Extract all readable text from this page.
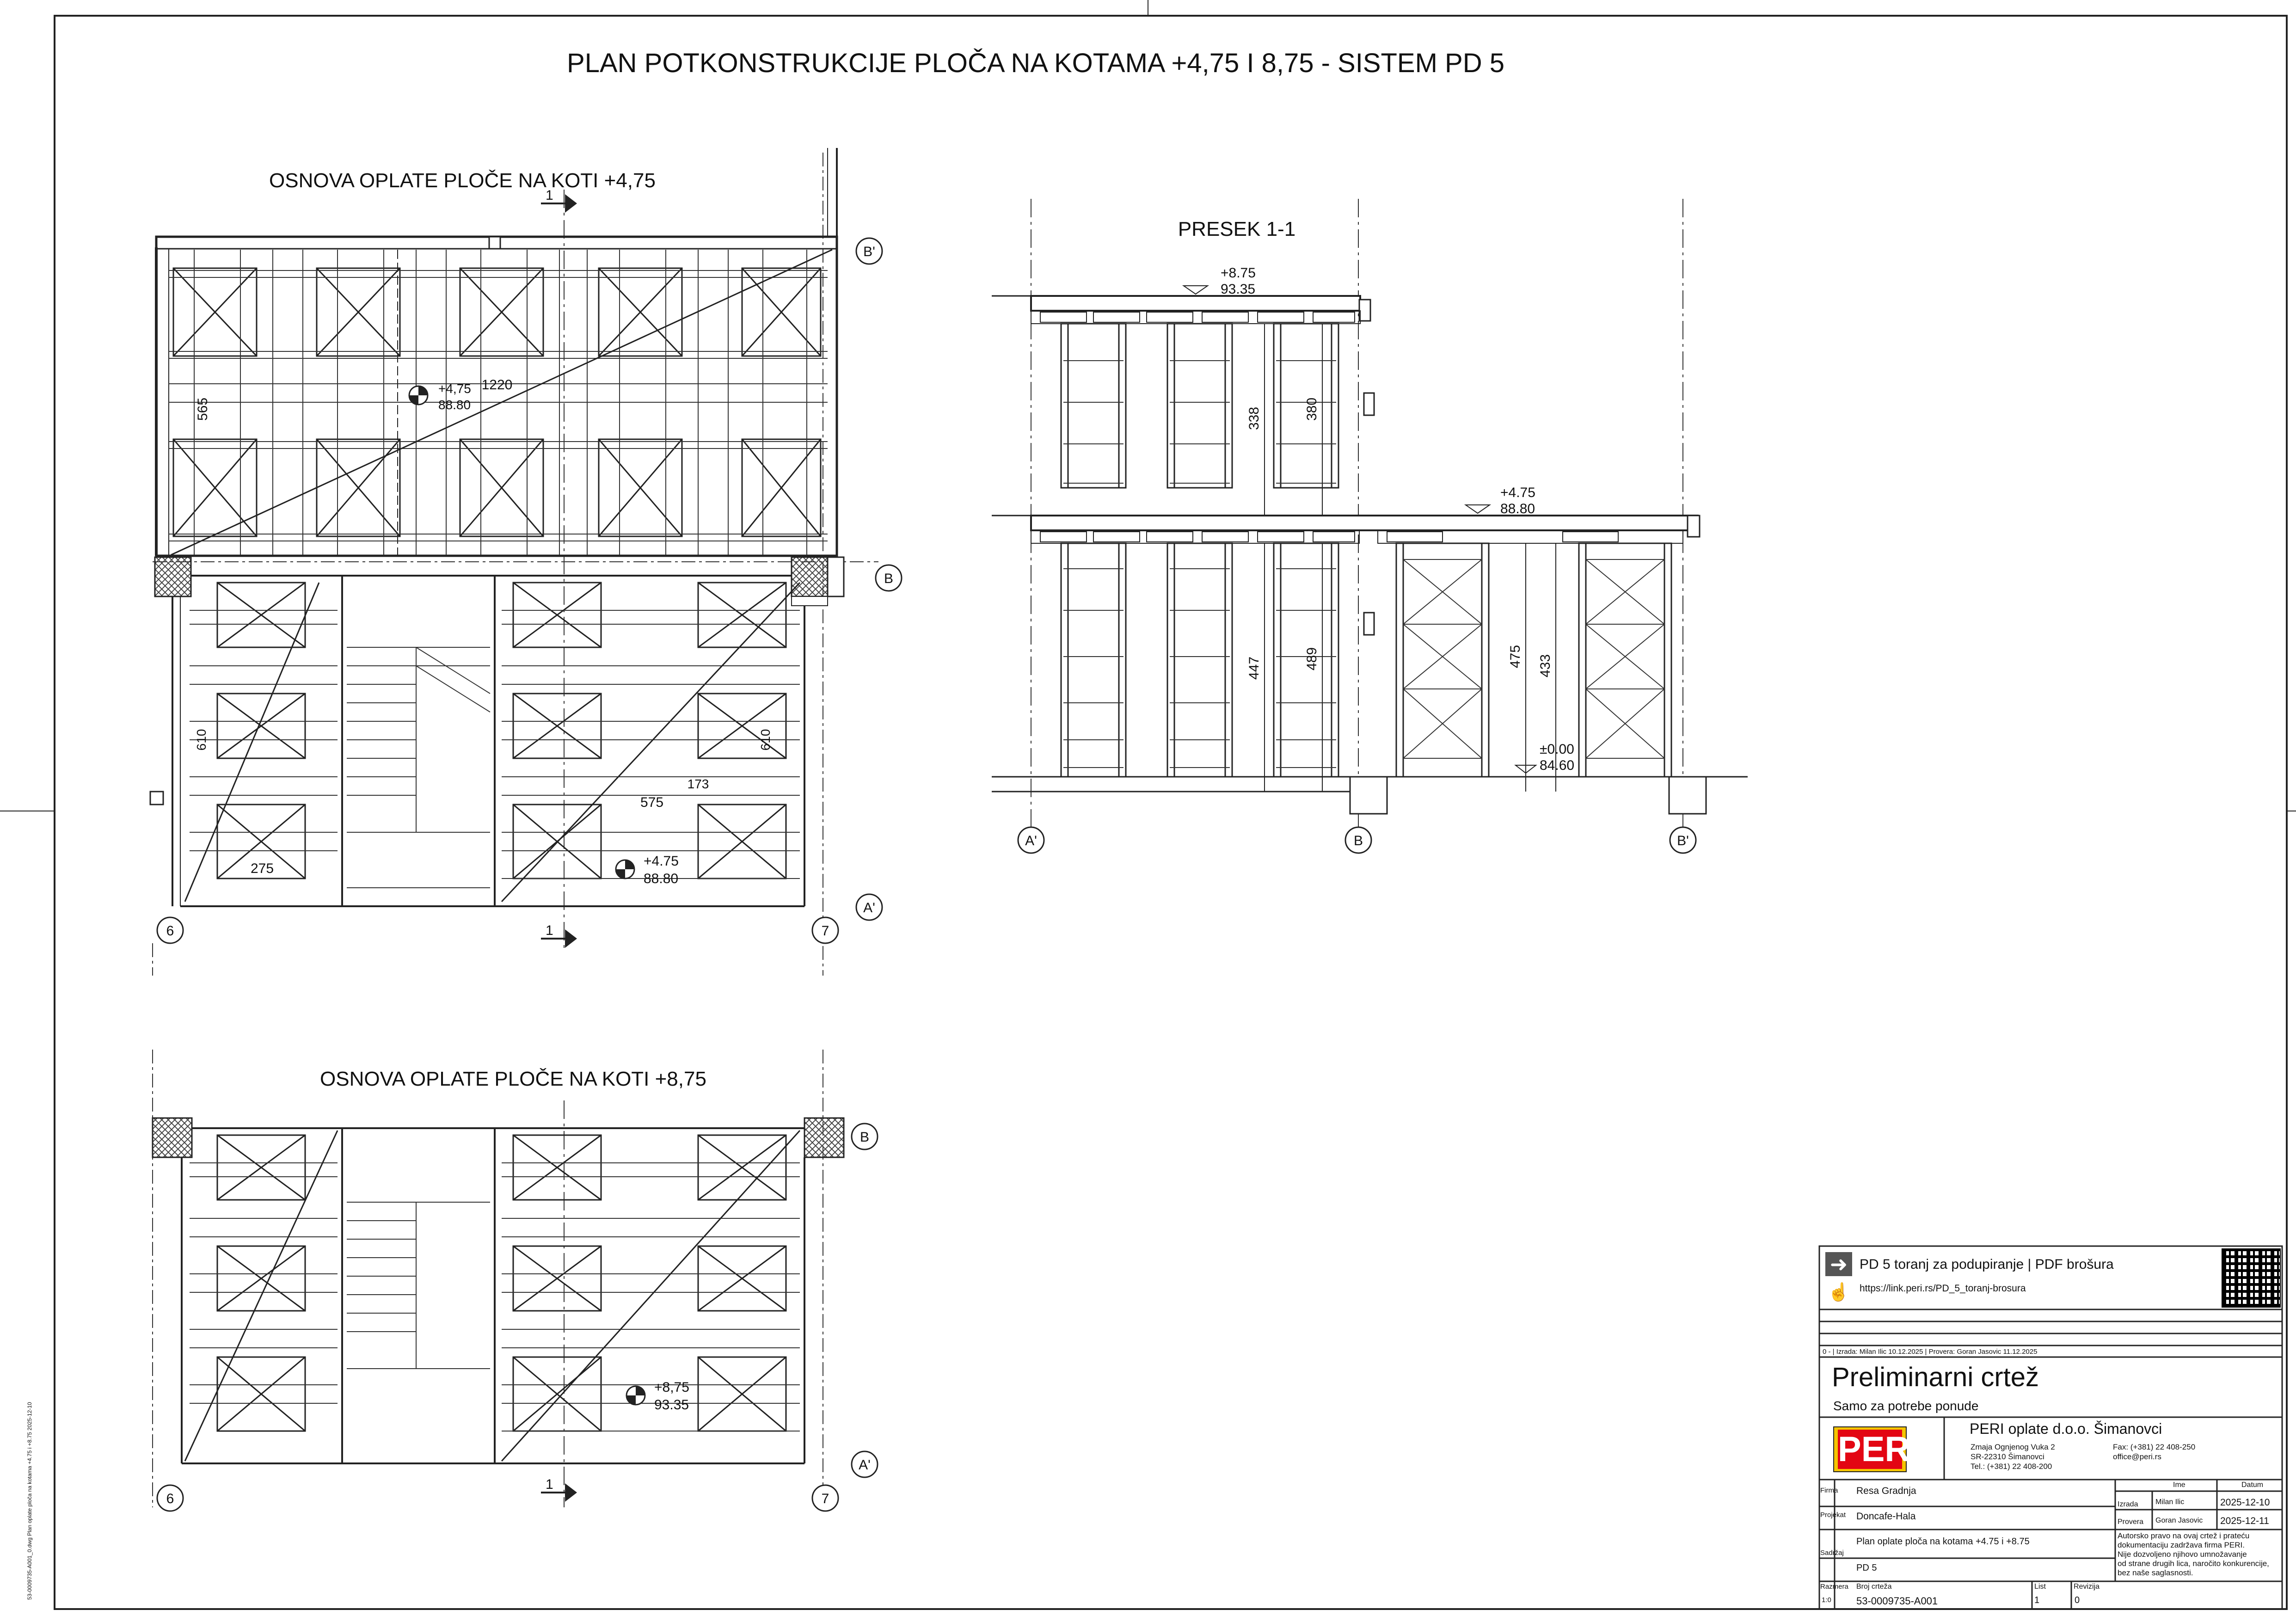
PLAN POTKONSTRUKCIJE PLOČA NA KOTAMA +4,75 I 8,75 - SISTEM PD 5
OSNOVA OPLATE PLOČE NA KOTI +4,75
1
565
1220
+4,75
88.80
610	610
575
173
275	+4.75
88.80
B'
B
A'
6	7
1
PRESEK 1-1
+8.75
93.35
338	380
+4.75
88.80
447	489	475 433
±0.00
84.60
A'	B	B'
OSNOVA OPLATE PLOČE NA KOTI +8,75
+8,75
93.35
B
A'
6	7
1
53-0009735-A001_0.dwg Plan oplate ploča na kotama +4.75 i +8.75 2025-12-10
➜ PD 5 toranj za podupiranje | PDF brošura
☝ https://link.peri.rs/PD_5_toranj-brosura
0 - | Izrada: Milan Ilic 10.12.2025 | Provera: Goran Jasovic 11.12.2025
Preliminarni crtež
Samo za potrebe ponude
PERI
PERI oplate d.o.o. Šimanovci
Zmaja Ognjenog Vuka 2
SR-22310 Šimanovci
Tel.: (+381) 22 408-200
Fax: (+381) 22 408-250
office@peri.rs
Firma Resa Gradnja
Projekat Doncafe-Hala
Sadržaj
Plan oplate ploča na kotama +4.75 i +8.75
PD 5
Ime	Datum
Izrada Milan Ilic	2025-12-10
Provera Goran Jasovic 2025-12-11
Autorsko pravo na ovaj crtež i prateću
dokumentaciju zadržava firma PERI.
Nije dozvoljeno njihovo umnožavanje
od strane drugih lica, naročito konkurencije,
bez naše saglasnosti.
Razmera
1:0
Broj crteža
53-0009735-A001
List
1
Revizija
0
